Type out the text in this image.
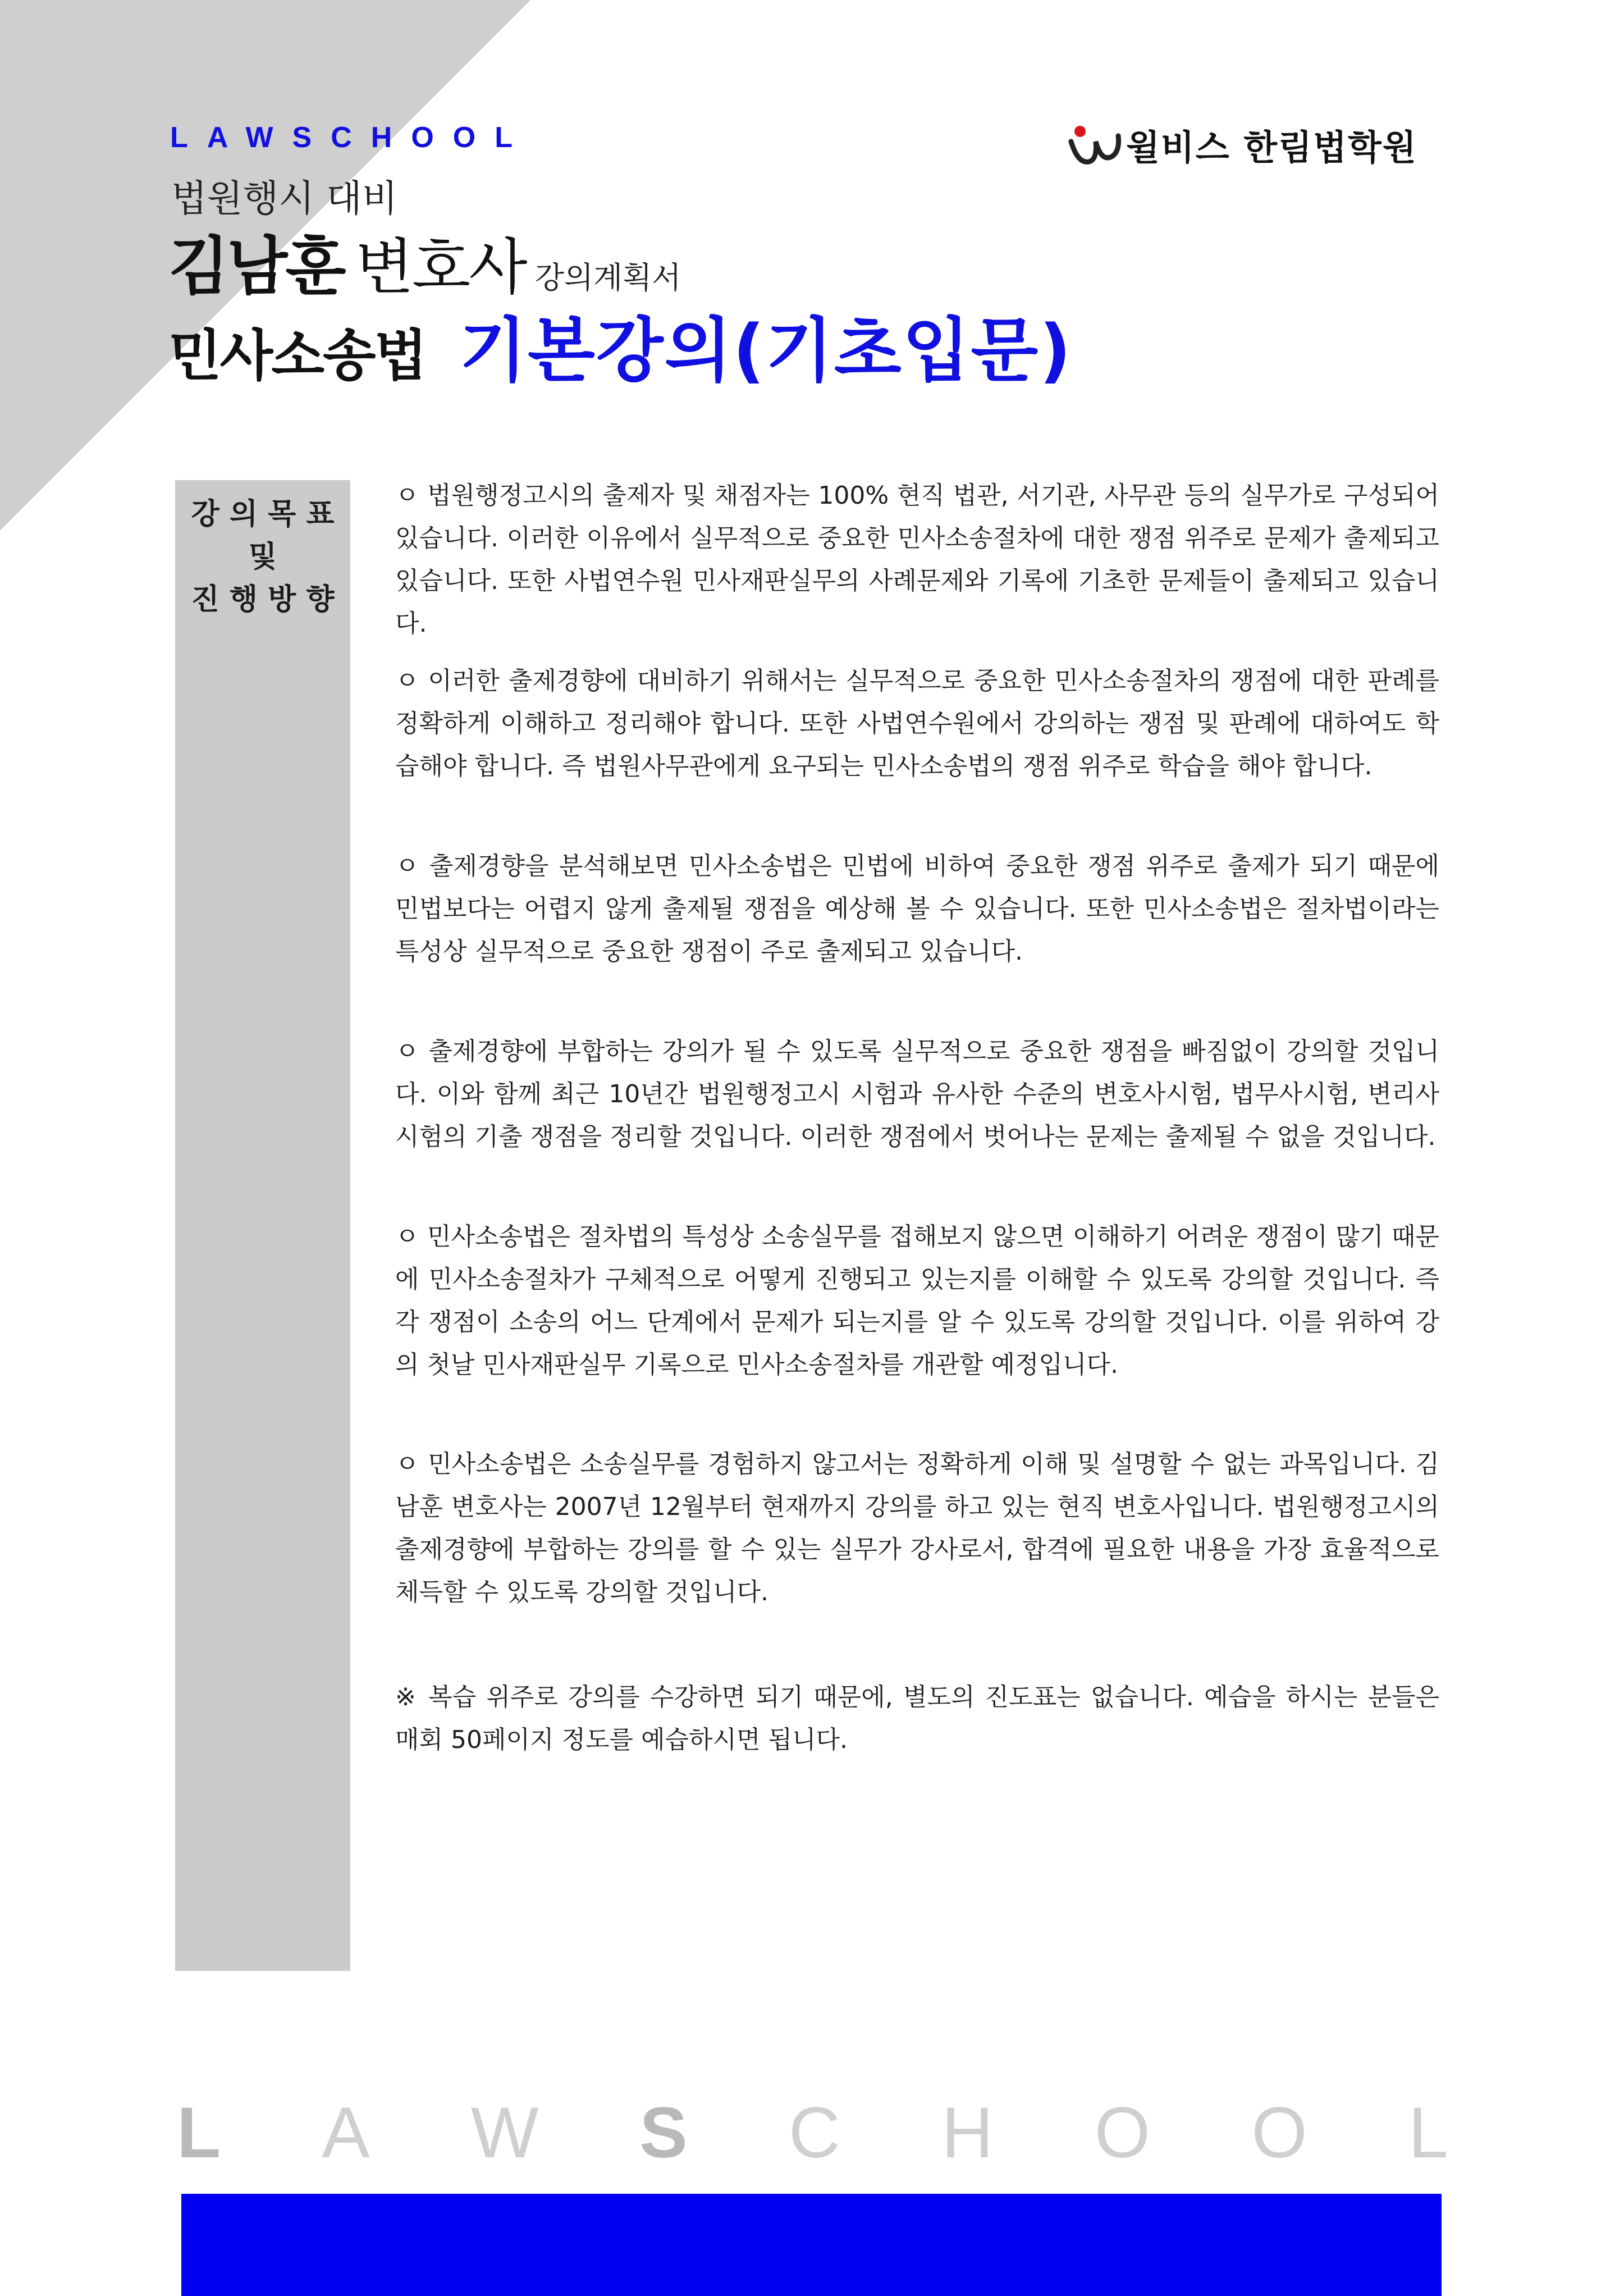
LAWSCHOOL	윌비스 한림법학원
법원행시 대비
김남훈 변호사 강의계획서
민사소송법 기본강의(기초입문)
강의목표
및
진행방향

ㅇ 법원행정고시의 출제자 및 채점자는 100% 현직 법관, 서기관, 사무관 등의 실무가로 구성되어 있습니다. 이러한 이유에서 실무적으로 중요한 민사소송절차에 대한 쟁점 위주로 문제가 출제되고 있습니다. 또한 사법연수원 민사재판실무의 사례문제와 기록에 기초한 문제들이 출제되고 있습니다.

ㅇ 이러한 출제경향에 대비하기 위해서는 실무적으로 중요한 민사소송절차의 쟁점에 대한 판례를 정확하게 이해하고 정리해야 합니다. 또한 사법연수원에서 강의하는 쟁점 및 판례에 대하여도 학습해야 합니다. 즉 법원사무관에게 요구되는 민사소송법의 쟁점 위주로 학습을 해야 합니다.

ㅇ 출제경향을 분석해보면 민사소송법은 민법에 비하여 중요한 쟁점 위주로 출제가 되기 때문에 민법보다는 어렵지 않게 출제될 쟁점을 예상해 볼 수 있습니다. 또한 민사소송법은 절차법이라는 특성상 실무적으로 중요한 쟁점이 주로 출제되고 있습니다.

ㅇ 출제경향에 부합하는 강의가 될 수 있도록 실무적으로 중요한 쟁점을 빠짐없이 강의할 것입니다. 이와 함께 최근 10년간 법원행정고시 시험과 유사한 수준의 변호사시험, 법무사시험, 변리사 시험의 기출 쟁점을 정리할 것입니다. 이러한 쟁점에서 벗어나는 문제는 출제될 수 없을 것입니다.

ㅇ 민사소송법은 절차법의 특성상 소송실무를 접해보지 않으면 이해하기 어려운 쟁점이 많기 때문에 민사소송절차가 구체적으로 어떻게 진행되고 있는지를 이해할 수 있도록 강의할 것입니다. 즉 각 쟁점이 소송의 어느 단계에서 문제가 되는지를 알 수 있도록 강의할 것입니다. 이를 위하여 강의 첫날 민사재판실무 기록으로 민사소송절차를 개관할 예정입니다.

ㅇ 민사소송법은 소송실무를 경험하지 않고서는 정확하게 이해 및 설명할 수 없는 과목입니다. 김남훈 변호사는 2007년 12월부터 현재까지 강의를 하고 있는 현직 변호사입니다. 법원행정고시의 출제경향에 부합하는 강의를 할 수 있는 실무가 강사로서, 합격에 필요한 내용을 가장 효율적으로 체득할 수 있도록 강의할 것입니다.

※ 복습 위주로 강의를 수강하면 되기 때문에, 별도의 진도표는 없습니다. 예습을 하시는 분들은 매회 50페이지 정도를 예습하시면 됩니다.

L A W S C H O O L
